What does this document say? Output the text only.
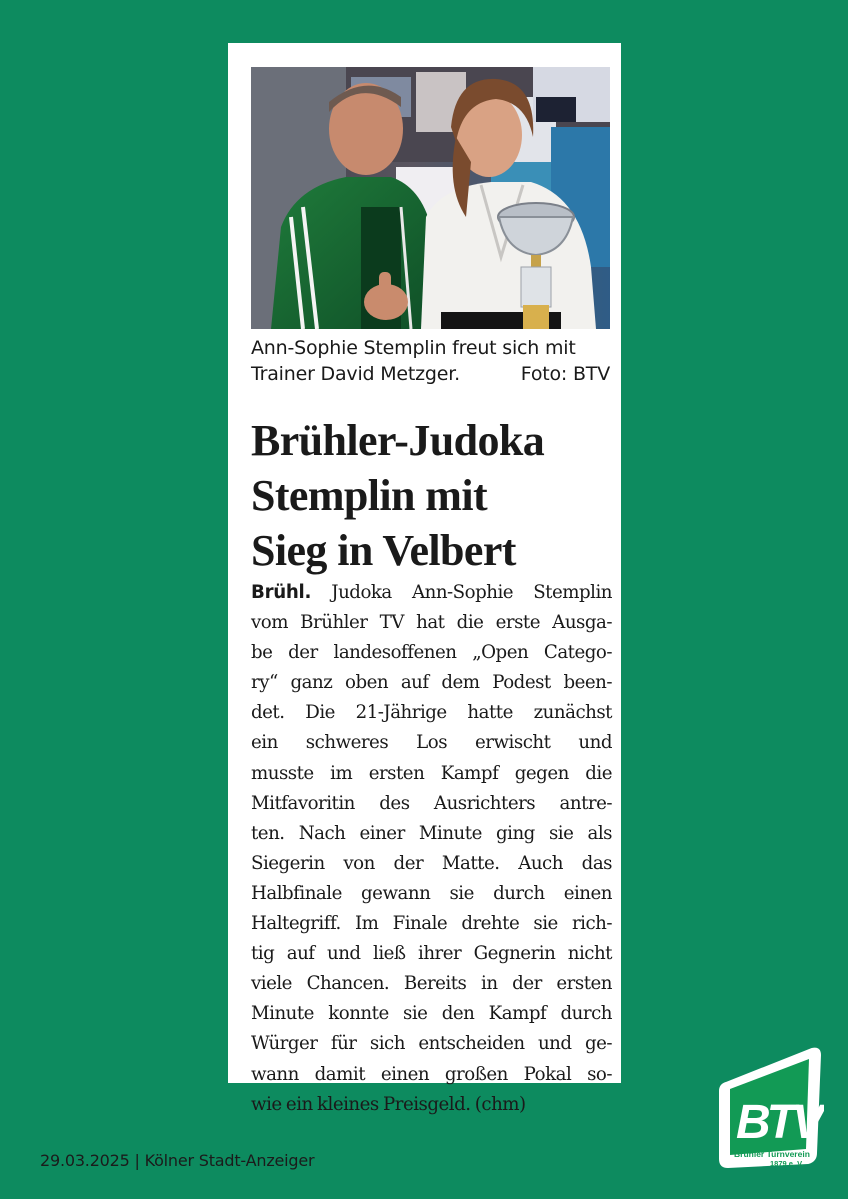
Ann-Sophie Stemplin freut sich mit
Trainer David Metzger.	Foto: BTV
Brühler-Judoka
Stemplin mit
Sieg in Velbert
Brühl. Judoka Ann-Sophie Stemplin
vom Brühler TV hat die erste Ausga-
be der landesoffenen „Open Catego-
ry“ ganz oben auf dem Podest been-
det. Die 21-Jährige hatte zunächst
ein schweres Los erwischt und
musste im ersten Kampf gegen die
Mitfavoritin des Ausrichters antre-
ten. Nach einer Minute ging sie als
Siegerin von der Matte. Auch das
Halbfinale gewann sie durch einen
Haltegriff. Im Finale drehte sie rich-
tig auf und ließ ihrer Gegnerin nicht
viele Chancen. Bereits in der ersten
Minute konnte sie den Kampf durch
Würger für sich entscheiden und ge-
wann damit einen großen Pokal so-
wie ein kleines Preisgeld. (chm)
29.03.2025 | Kölner Stadt-Anzeiger
BTV
Brühler Turnverein
1879 e. V.
